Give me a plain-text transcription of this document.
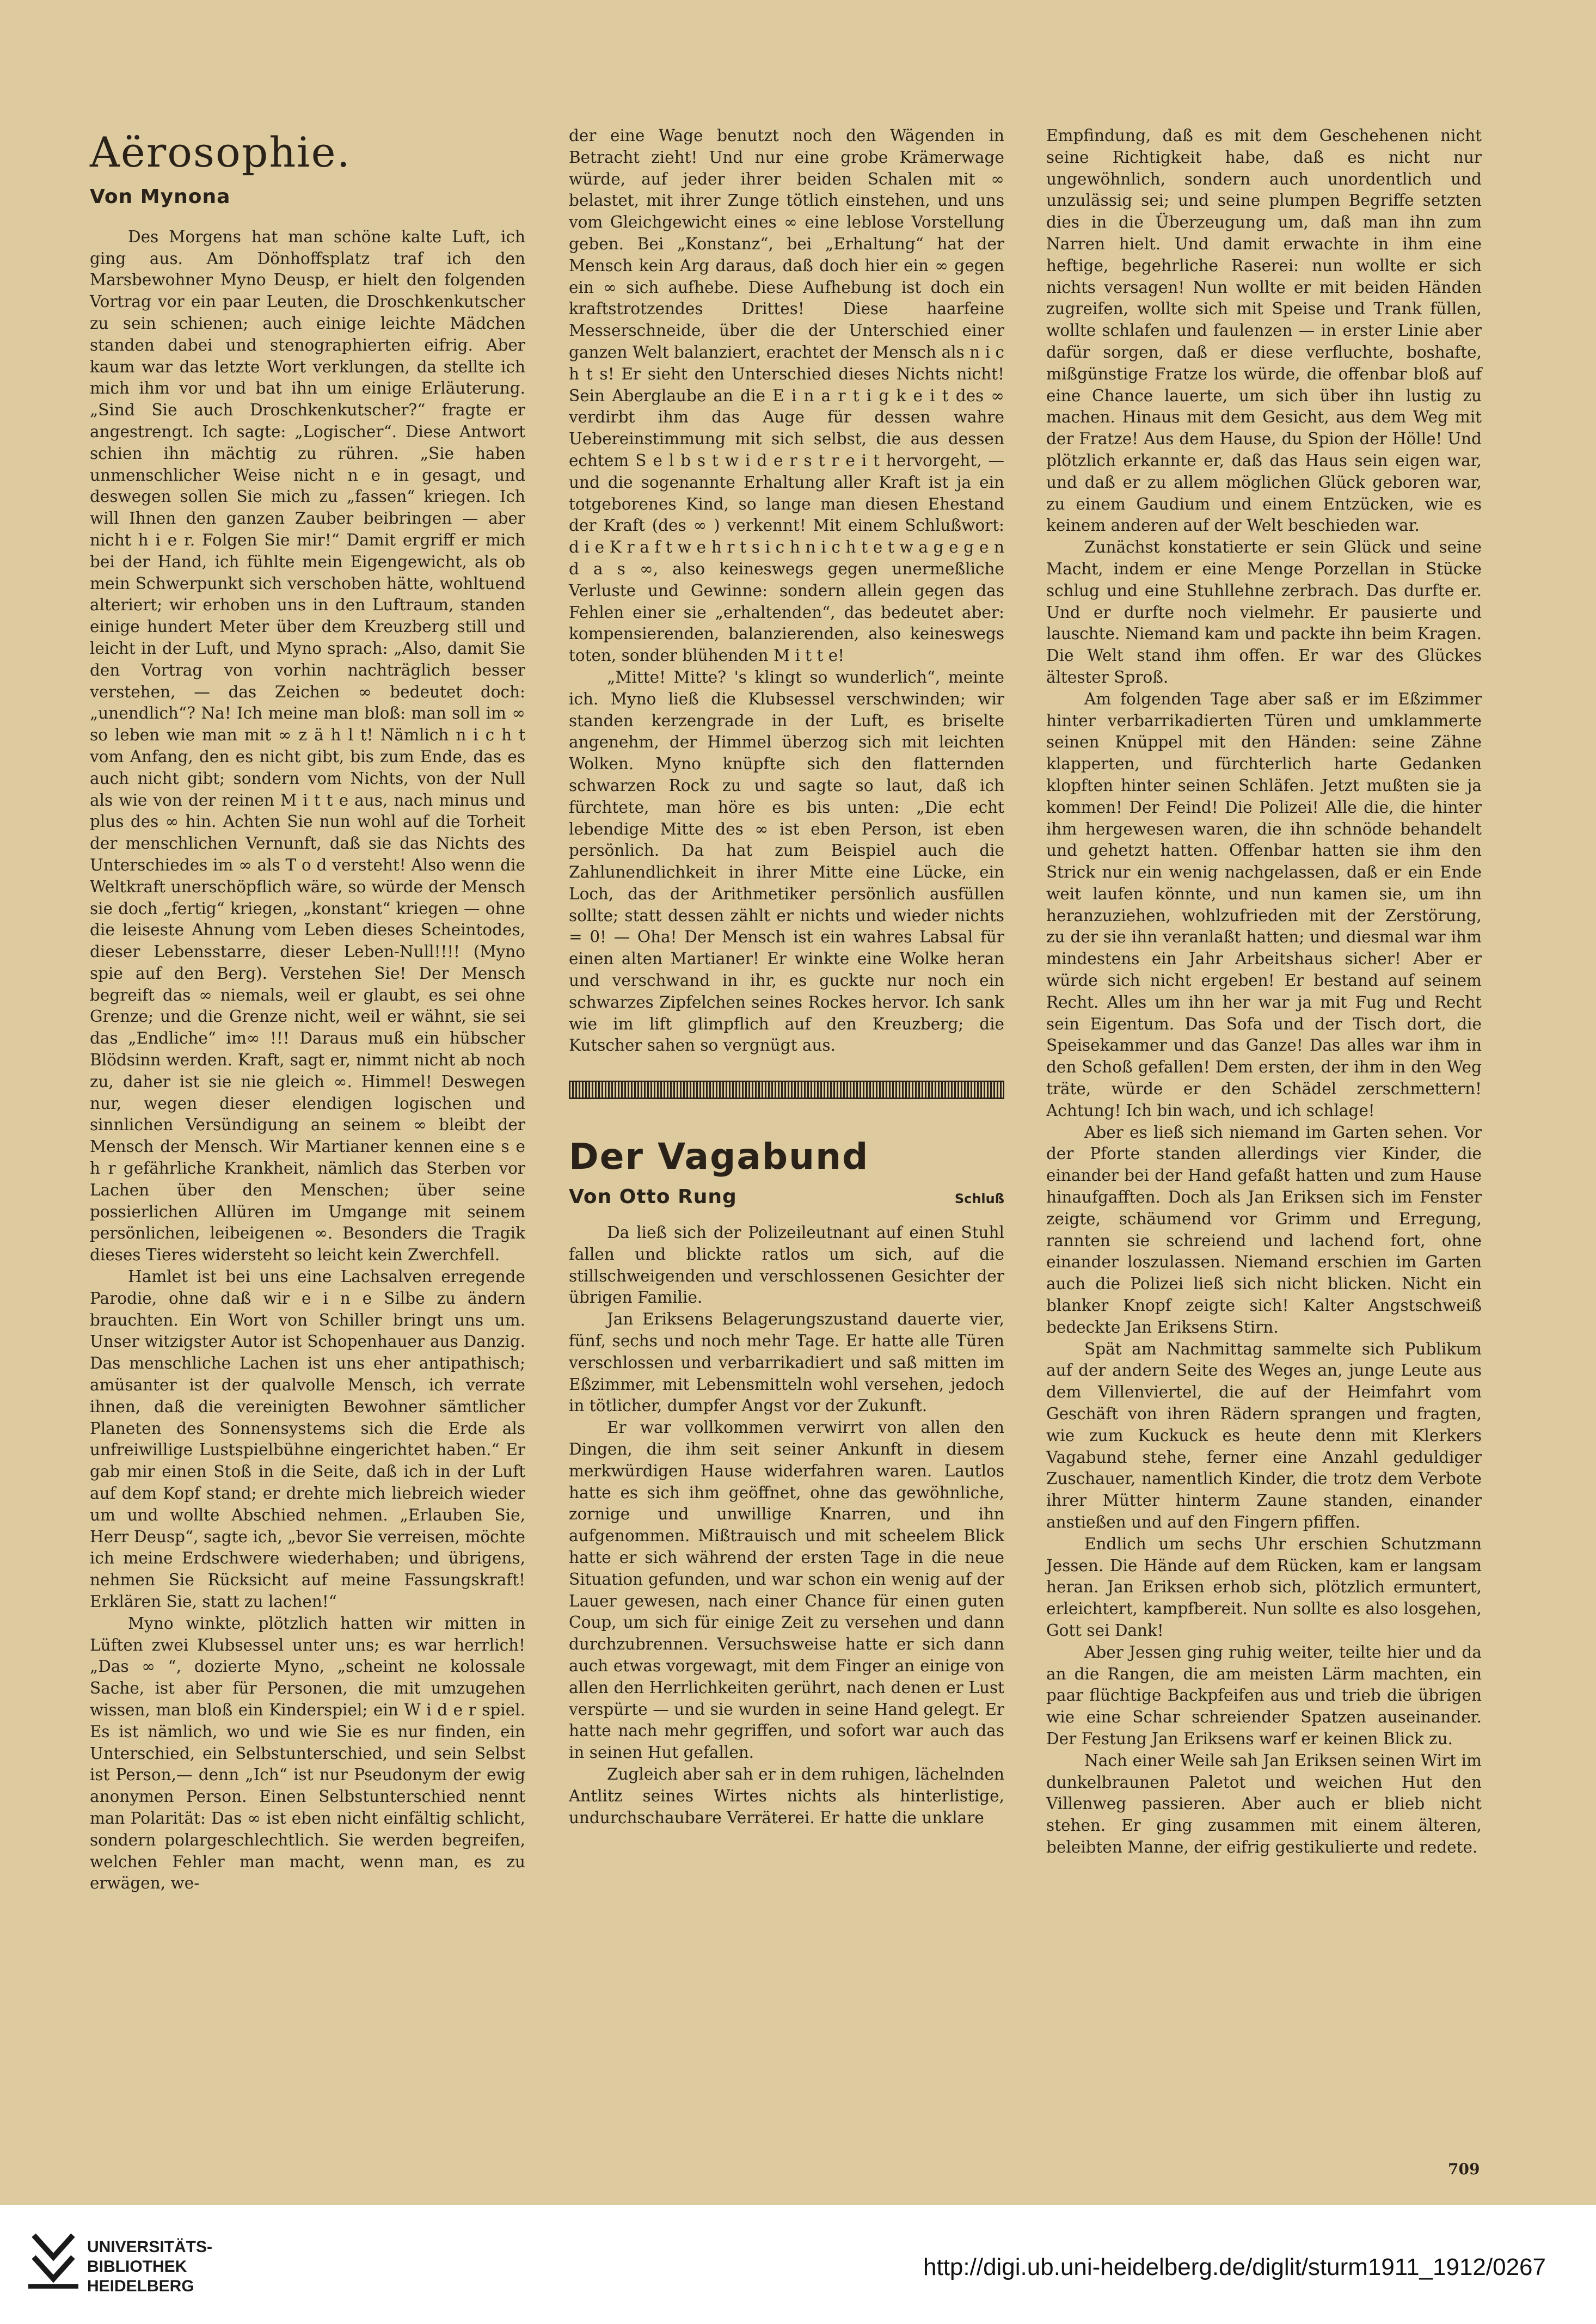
Aërosophie.
Von Mynona

Des Morgens hat man schöne kalte Luft, ich ging aus. Am Dönhoffsplatz traf ich den Marsbewohner Myno Deusp, er hielt den folgenden Vortrag vor ein paar Leuten, die Droschkenkutscher zu sein schienen; auch einige leichte Mädchen standen dabei und stenographierten eifrig. Aber kaum war das letzte Wort verklungen, da stellte ich mich ihm vor und bat ihn um einige Erläuterung. „Sind Sie auch Droschkenkutscher?“ fragte er angestrengt. Ich sagte: „Logischer“. Diese Antwort schien ihn mächtig zu rühren. „Sie haben unmenschlicher Weise nicht n e in gesagt, und deswegen sollen Sie mich zu „fassen“ kriegen. Ich will Ihnen den ganzen Zauber beibringen — aber nicht h i e r. Folgen Sie mir!“ Damit ergriff er mich bei der Hand, ich fühlte mein Eigengewicht, als ob mein Schwerpunkt sich verschoben hätte, wohltuend alteriert; wir erhoben uns in den Luftraum, standen einige hundert Meter über dem Kreuzberg still und leicht in der Luft, und Myno sprach: „Also, damit Sie den Vortrag von vorhin nachträglich besser verstehen, — das Zeichen ∞ bedeutet doch: „unendlich“? Na! Ich meine man bloß: man soll im ∞ so leben wie man mit ∞ z ä h l t! Nämlich n i c h t vom Anfang, den es nicht gibt, bis zum Ende, das es auch nicht gibt; sondern vom Nichts, von der Null als wie von der reinen M i t t e aus, nach minus und plus des ∞ hin. Achten Sie nun wohl auf die Torheit der menschlichen Vernunft, daß sie das Nichts des Unterschiedes im ∞ als T o d versteht! Also wenn die Weltkraft unerschöpflich wäre, so würde der Mensch sie doch „fertig“ kriegen, „konstant“ kriegen — ohne die leiseste Ahnung vom Leben dieses Scheintodes, dieser Lebensstarre, dieser Leben-Null!!!! (Myno spie auf den Berg). Verstehen Sie! Der Mensch begreift das ∞ niemals, weil er glaubt, es sei ohne Grenze; und die Grenze nicht, weil er wähnt, sie sei das „Endliche“ im∞ !!! Daraus muß ein hübscher Blödsinn werden. Kraft, sagt er, nimmt nicht ab noch zu, daher ist sie nie gleich ∞. Himmel! Deswegen nur, wegen dieser elendigen logischen und sinnlichen Versündigung an seinem ∞ bleibt der Mensch der Mensch. Wir Martianer kennen eine s e h r gefährliche Krankheit, nämlich das Sterben vor Lachen über den Menschen; über seine possierlichen Allüren im Umgange mit seinem persönlichen, leibeigenen ∞. Besonders die Tragik dieses Tieres widersteht so leicht kein Zwerchfell.

Hamlet ist bei uns eine Lachsalven erregende Parodie, ohne daß wir e i n e Silbe zu ändern brauchten. Ein Wort von Schiller bringt uns um. Unser witzigster Autor ist Schopenhauer aus Danzig. Das menschliche Lachen ist uns eher antipathisch; amüsanter ist der qualvolle Mensch, ich verrate ihnen, daß die vereinigten Bewohner sämtlicher Planeten des Sonnensystems sich die Erde als unfreiwillige Lustspielbühne eingerichtet haben.“ Er gab mir einen Stoß in die Seite, daß ich in der Luft auf dem Kopf stand; er drehte mich liebreich wieder um und wollte Abschied nehmen. „Erlauben Sie, Herr Deusp“, sagte ich, „bevor Sie verreisen, möchte ich meine Erdschwere wiederhaben; und übrigens, nehmen Sie Rücksicht auf meine Fassungskraft! Erklären Sie, statt zu lachen!“

Myno winkte, plötzlich hatten wir mitten in Lüften zwei Klubsessel unter uns; es war herrlich! „Das ∞ “, dozierte Myno, „scheint ne kolossale Sache, ist aber für Personen, die mit umzugehen wissen, man bloß ein Kinderspiel; ein W i d e r spiel. Es ist nämlich, wo und wie Sie es nur finden, ein Unterschied, ein Selbstunterschied, und sein Selbst ist Person,— denn „Ich“ ist nur Pseudonym der ewig anonymen Person. Einen Selbstunterschied nennt man Polarität: Das ∞ ist eben nicht einfältig schlicht, sondern polargeschlechtlich. Sie werden begreifen, welchen Fehler man macht, wenn man, es zu erwägen, we-

der eine Wage benutzt noch den Wägenden in Betracht zieht! Und nur eine grobe Krämerwage würde, auf jeder ihrer beiden Schalen mit ∞ belastet, mit ihrer Zunge tötlich einstehen, und uns vom Gleichgewicht eines ∞ eine leblose Vorstellung geben. Bei „Konstanz“, bei „Erhaltung“ hat der Mensch kein Arg daraus, daß doch hier ein ∞ gegen ein ∞ sich aufhebe. Diese Aufhebung ist doch ein kraftstrotzendes Drittes! Diese haarfeine Messerschneide, über die der Unterschied einer ganzen Welt balanziert, erachtet der Mensch als n i c h t s! Er sieht den Unterschied dieses Nichts nicht! Sein Aberglaube an die E i n a r t i g k e i t des ∞ verdirbt ihm das Auge für dessen wahre Uebereinstimmung mit sich selbst, die aus dessen echtem S e l b s t w i d e r s t r e i t hervorgeht, — und die sogenannte Erhaltung aller Kraft ist ja ein totgeborenes Kind, so lange man diesen Ehestand der Kraft (des ∞ ) verkennt! Mit einem Schlußwort: d i e K r a f t w e h r t s i c h n i c h t e t w a g e g e n d a s ∞, also keineswegs gegen unermeßliche Verluste und Gewinne: sondern allein gegen das Fehlen einer sie „erhaltenden“, das bedeutet aber: kompensierenden, balanzierenden, also keineswegs toten, sonder blühenden M i t t e!

„Mitte! Mitte? 's klingt so wunderlich“, meinte ich. Myno ließ die Klubsessel verschwinden; wir standen kerzengrade in der Luft, es briselte angenehm, der Himmel überzog sich mit leichten Wolken. Myno knüpfte sich den flatternden schwarzen Rock zu und sagte so laut, daß ich fürchtete, man höre es bis unten: „Die echt lebendige Mitte des ∞ ist eben Person, ist eben persönlich. Da hat zum Beispiel auch die Zahlunendlichkeit in ihrer Mitte eine Lücke, ein Loch, das der Arithmetiker persönlich ausfüllen sollte; statt dessen zählt er nichts und wieder nichts = 0! — Oha! Der Mensch ist ein wahres Labsal für einen alten Martianer! Er winkte eine Wolke heran und verschwand in ihr, es guckte nur noch ein schwarzes Zipfelchen seines Rockes hervor. Ich sank wie im lift glimpflich auf den Kreuzberg; die Kutscher sahen so vergnügt aus.

Der Vagabund
Von Otto Rung	Schluß

Da ließ sich der Polizeileutnant auf einen Stuhl fallen und blickte ratlos um sich, auf die stillschweigenden und verschlossenen Gesichter der übrigen Familie.

Jan Eriksens Belagerungszustand dauerte vier, fünf, sechs und noch mehr Tage. Er hatte alle Türen verschlossen und verbarrikadiert und saß mitten im Eßzimmer, mit Lebensmitteln wohl versehen, jedoch in tötlicher, dumpfer Angst vor der Zukunft.

Er war vollkommen verwirrt von allen den Dingen, die ihm seit seiner Ankunft in diesem merkwürdigen Hause widerfahren waren. Lautlos hatte es sich ihm geöffnet, ohne das gewöhnliche, zornige und unwillige Knarren, und ihn aufgenommen. Mißtrauisch und mit scheelem Blick hatte er sich während der ersten Tage in die neue Situation gefunden, und war schon ein wenig auf der Lauer gewesen, nach einer Chance für einen guten Coup, um sich für einige Zeit zu versehen und dann durchzubrennen. Versuchsweise hatte er sich dann auch etwas vorgewagt, mit dem Finger an einige von allen den Herrlichkeiten gerührt, nach denen er Lust verspürte — und sie wurden in seine Hand gelegt. Er hatte nach mehr gegriffen, und sofort war auch das in seinen Hut gefallen.

Zugleich aber sah er in dem ruhigen, lächelnden Antlitz seines Wirtes nichts als hinterlistige, undurchschaubare Verräterei. Er hatte die unklare

Empfindung, daß es mit dem Geschehenen nicht seine Richtigkeit habe, daß es nicht nur ungewöhnlich, sondern auch unordentlich und unzulässig sei; und seine plumpen Begriffe setzten dies in die Überzeugung um, daß man ihn zum Narren hielt. Und damit erwachte in ihm eine heftige, begehrliche Raserei: nun wollte er sich nichts versagen! Nun wollte er mit beiden Händen zugreifen, wollte sich mit Speise und Trank füllen, wollte schlafen und faulenzen — in erster Linie aber dafür sorgen, daß er diese verfluchte, boshafte, mißgünstige Fratze los würde, die offenbar bloß auf eine Chance lauerte, um sich über ihn lustig zu machen. Hinaus mit dem Gesicht, aus dem Weg mit der Fratze! Aus dem Hause, du Spion der Hölle! Und plötzlich erkannte er, daß das Haus sein eigen war, und daß er zu allem möglichen Glück geboren war, zu einem Gaudium und einem Entzücken, wie es keinem anderen auf der Welt beschieden war.

Zunächst konstatierte er sein Glück und seine Macht, indem er eine Menge Porzellan in Stücke schlug und eine Stuhllehne zerbrach. Das durfte er. Und er durfte noch vielmehr. Er pausierte und lauschte. Niemand kam und packte ihn beim Kragen. Die Welt stand ihm offen. Er war des Glückes ältester Sproß.

Am folgenden Tage aber saß er im Eßzimmer hinter verbarrikadierten Türen und umklammerte seinen Knüppel mit den Händen: seine Zähne klapperten, und fürchterlich harte Gedanken klopften hinter seinen Schläfen. Jetzt mußten sie ja kommen! Der Feind! Die Polizei! Alle die, die hinter ihm hergewesen waren, die ihn schnöde behandelt und gehetzt hatten. Offenbar hatten sie ihm den Strick nur ein wenig nachgelassen, daß er ein Ende weit laufen könnte, und nun kamen sie, um ihn heranzuziehen, wohlzufrieden mit der Zerstörung, zu der sie ihn veranlaßt hatten; und diesmal war ihm mindestens ein Jahr Arbeitshaus sicher! Aber er würde sich nicht ergeben! Er bestand auf seinem Recht. Alles um ihn her war ja mit Fug und Recht sein Eigentum. Das Sofa und der Tisch dort, die Speisekammer und das Ganze! Das alles war ihm in den Schoß gefallen! Dem ersten, der ihm in den Weg träte, würde er den Schädel zerschmettern! Achtung! Ich bin wach, und ich schlage!

Aber es ließ sich niemand im Garten sehen. Vor der Pforte standen allerdings vier Kinder, die einander bei der Hand gefaßt hatten und zum Hause hinaufgafften. Doch als Jan Eriksen sich im Fenster zeigte, schäumend vor Grimm und Erregung, rannten sie schreiend und lachend fort, ohne einander loszulassen. Niemand erschien im Garten auch die Polizei ließ sich nicht blicken. Nicht ein blanker Knopf zeigte sich! Kalter Angstschweiß bedeckte Jan Eriksens Stirn.

Spät am Nachmittag sammelte sich Publikum auf der andern Seite des Weges an, junge Leute aus dem Villenviertel, die auf der Heimfahrt vom Geschäft von ihren Rädern sprangen und fragten, wie zum Kuckuck es heute denn mit Klerkers Vagabund stehe, ferner eine Anzahl geduldiger Zuschauer, namentlich Kinder, die trotz dem Verbote ihrer Mütter hinterm Zaune standen, einander anstießen und auf den Fingern pfiffen.

Endlich um sechs Uhr erschien Schutzmann Jessen. Die Hände auf dem Rücken, kam er langsam heran. Jan Eriksen erhob sich, plötzlich ermuntert, erleichtert, kampfbereit. Nun sollte es also losgehen, Gott sei Dank!

Aber Jessen ging ruhig weiter, teilte hier und da an die Rangen, die am meisten Lärm machten, ein paar flüchtige Backpfeifen aus und trieb die übrigen wie eine Schar schreiender Spatzen auseinander. Der Festung Jan Eriksens warf er keinen Blick zu.

Nach einer Weile sah Jan Eriksen seinen Wirt im dunkelbraunen Paletot und weichen Hut den Villenweg passieren. Aber auch er blieb nicht stehen. Er ging zusammen mit einem älteren, beleibten Manne, der eifrig gestikulierte und redete.

709
UNIVERSITÄTS-
BIBLIOTHEK
HEIDELBERG
http://digi.ub.uni-heidelberg.de/diglit/sturm1911_1912/0267
